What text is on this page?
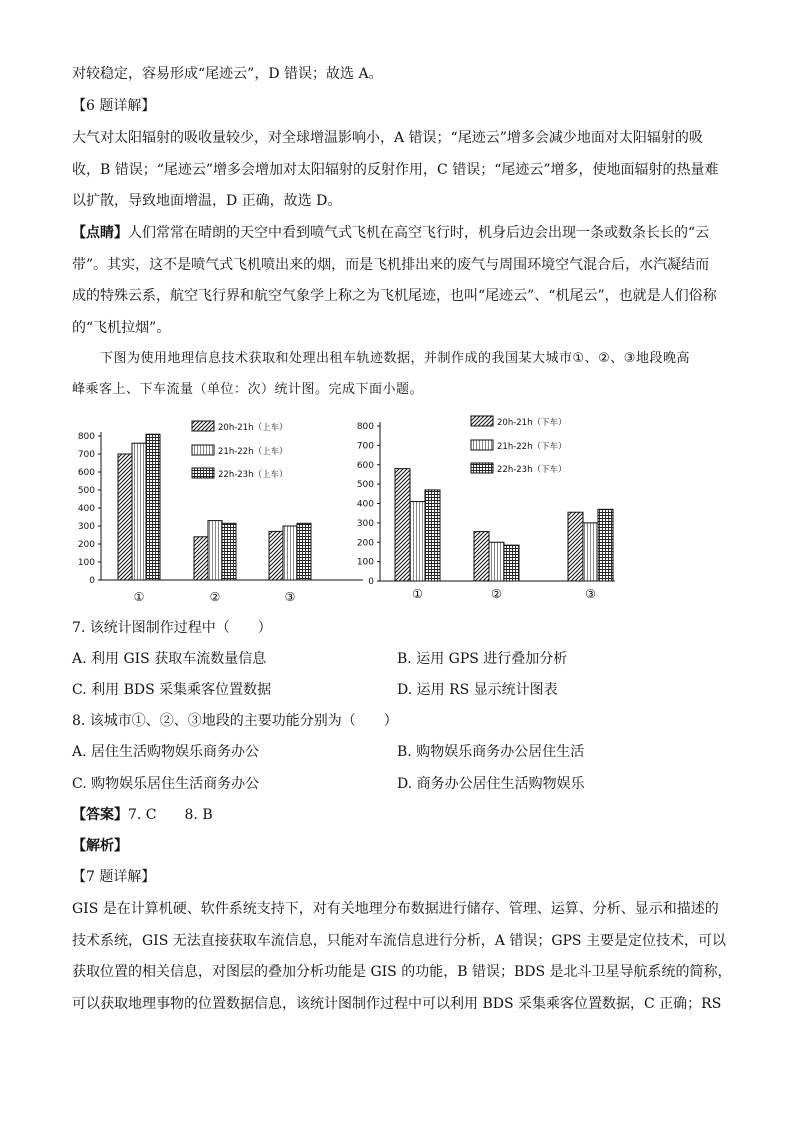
对较稳定，容易形成“尾迹云”，D 错误；故选 A。
【6 题详解】
大气对太阳辐射的吸收量较少，对全球增温影响小，A 错误；“尾迹云”增多会减少地面对太阳辐射的吸
收，B 错误；“尾迹云”增多会增加对太阳辐射的反射作用，C 错误；“尾迹云”增多，使地面辐射的热量难
以扩散，导致地面增温，D 正确，故选 D。
【点睛】人们常常在晴朗的天空中看到喷气式飞机在高空飞行时，机身后边会出现一条或数条长长的“云
带”。其实，这不是喷气式飞机喷出来的烟，而是飞机排出来的废气与周围环境空气混合后，水汽凝结而
成的特殊云系，航空飞行界和航空气象学上称之为飞机尾迹，也叫“尾迹云”、“机尾云”，也就是人们俗称
的“飞机拉烟”。
下图为使用地理信息技术获取和处理出租车轨迹数据，并制作成的我国某大城市①、②、③地段晚高
峰乘客上、下车流量（单位：次）统计图。完成下面小题。
0
100
200
300
400
500
600
700
800
①	②	③
20h-21h（上车）
21h-22h（上车）
22h-23h（上车）
0
100
200
300
400
500
600
700
800
①	②	③
20h-21h（下车）
21h-22h（下车）
22h-23h（下车）
7. 该统计图制作过程中（　　）
A. 利用 GIS 获取车流数量信息	B. 运用 GPS 进行叠加分析
C. 利用 BDS 采集乘客位置数据	D. 运用 RS 显示统计图表
8. 该城市①、②、③地段的主要功能分别为（　　）
A. 居住生活购物娱乐商务办公	B. 购物娱乐商务办公居住生活
C. 购物娱乐居住生活商务办公	D. 商务办公居住生活购物娱乐
【答案】7. C　　8. B
【解析】
【7 题详解】
GIS 是在计算机硬、软件系统支持下，对有关地理分布数据进行储存、管理、运算、分析、显示和描述的
技术系统，GIS 无法直接获取车流信息，只能对车流信息进行分析，A 错误；GPS 主要是定位技术，可以
获取位置的相关信息，对图层的叠加分析功能是 GIS 的功能，B 错误；BDS 是北斗卫星导航系统的简称，
可以获取地理事物的位置数据信息，该统计图制作过程中可以利用 BDS 采集乘客位置数据，C 正确；RS
